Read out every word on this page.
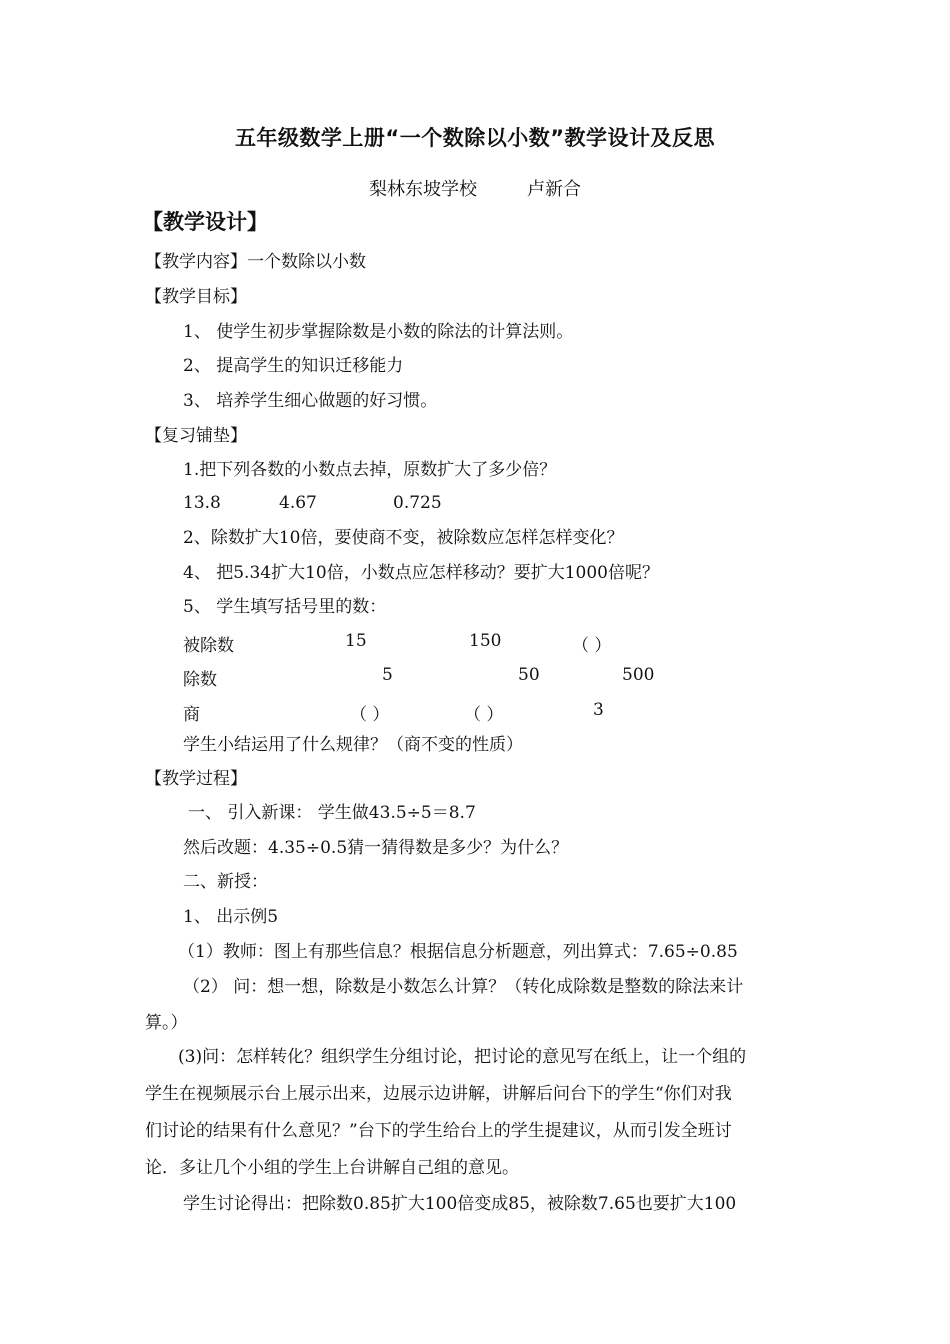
五年级数学上册“一个数除以小数”教学设计及反思
梨林东坡学校	卢新合
【教学设计】
【教学内容】一个数除以小数
【教学目标】
1、 使学生初步掌握除数是小数的除法的计算法则。
2、 提高学生的知识迁移能力
3、 培养学生细心做题的好习惯。
【复习铺垫】
1.把下列各数的小数点去掉，原数扩大了多少倍？
13.8	4.67	0.725
2、除数扩大10倍，要使商不变，被除数应怎样怎样变化？
4、 把5.34扩大10倍，小数点应怎样移动？要扩大1000倍呢？
5、 学生填写括号里的数：
被除数	15	150	（ ）
除数	5	50	500
商	（ ）	（ ）	3
学生小结运用了什么规律？（商不变的性质）
【教学过程】
一、 引入新课： 学生做43.5÷5＝8.7
然后改题：4.35÷0.5猜一猜得数是多少？为什么？
二、新授：
1、 出示例5
（1）教师：图上有那些信息？根据信息分析题意，列出算式：7.65÷0.85
（2） 问：想一想，除数是小数怎么计算？（转化成除数是整数的除法来计
算。）
(3)问：怎样转化？组织学生分组讨论，把讨论的意见写在纸上，让一个组的
学生在视频展示台上展示出来，边展示边讲解，讲解后问台下的学生“你们对我
们讨论的结果有什么意见？”台下的学生给台上的学生提建议，从而引发全班讨
论．多让几个小组的学生上台讲解自己组的意见。
学生讨论得出：把除数0.85扩大100倍变成85，被除数7.65也要扩大100
